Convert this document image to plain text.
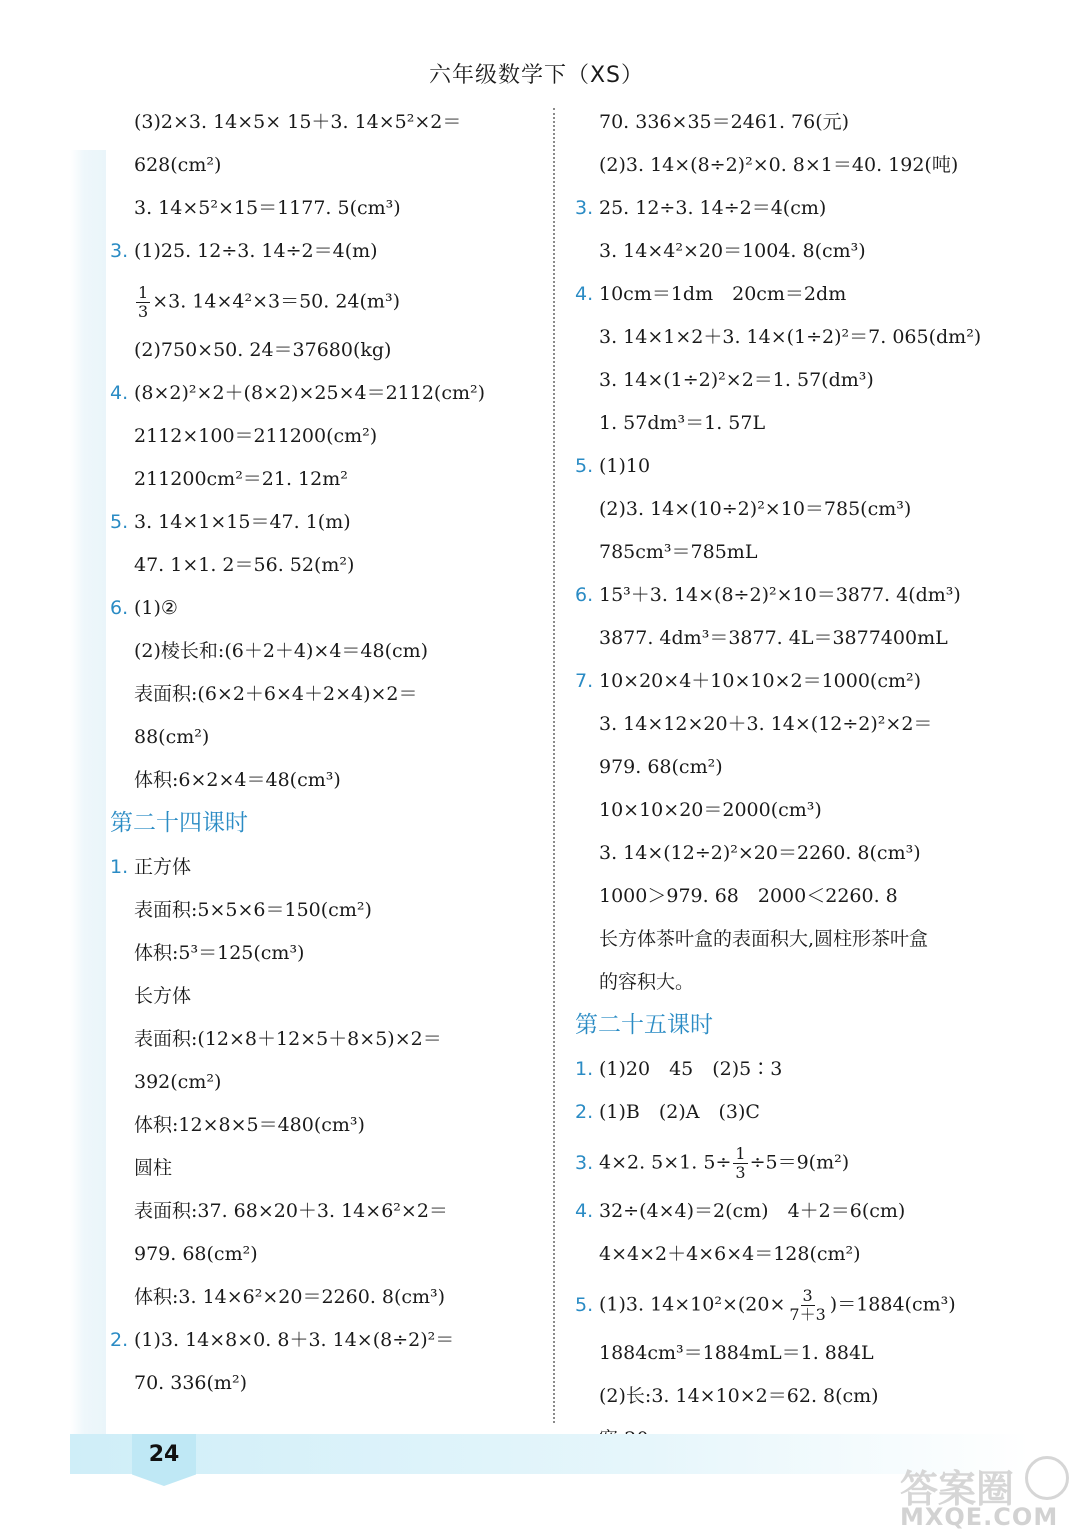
六年级数学下（XS）
(3)2×3. 14×5× 15＋3. 14×5²×2＝
628(cm²)
3. 14×5²×15＝1177. 5(cm³)
3. (1)25. 12÷3. 14÷2＝4(m)
$\frac{1}{3} \times 3$. 14×4²×3＝50. 24(m³)
(2)750×50. 24＝37680(kg)
4. (8×2)²×2＋(8×2)×25×4＝2112(cm²)
2112×100＝211200(cm²)
211200cm²＝21. 12m²
5. 3. 14×1×15＝47. 1(m)
47. 1×1. 2＝56. 52(m²)
6. (1)②
(2)棱长和:(6＋2＋4)×4＝48(cm)
表面积:(6×2＋6×4＋2×4)×2＝
88(cm²)
体积:6×2×4＝48(cm³)
第二十四课时
1. 正方体
表面积:5×5×6＝150(cm²)
体积:5³＝125(cm³)
长方体
表面积:(12×8＋12×5＋8×5)×2＝
392(cm²)
体积:12×8×5＝480(cm³)
圆柱
表面积:37. 68×20＋3. 14×6²×2＝
979. 68(cm²)
体积:3. 14×6²×20＝2260. 8(cm³)
2. (1)3. 14×8×0. 8＋3. 14×(8÷2)²＝
70. 336(m²)
70. 336×35＝2461. 76(元)
(2)3. 14×(8÷2)²×0. 8×1＝40. 192(吨)
3. 25. 12÷3. 14÷2＝4(cm)
3. 14×4²×20＝1004. 8(cm³)
4. 10cm＝1dm　20cm＝2dm
3. 14×1×2＋3. 14×(1÷2)²＝7. 065(dm²)
3. 14×(1÷2)²×2＝1. 57(dm³)
1. 57dm³＝1. 57L
5. (1)10
(2)3. 14×(10÷2)²×10＝785(cm³)
785cm³＝785mL
6. 15³＋3. 14×(8÷2)²×10＝3877. 4(dm³)
3877. 4dm³＝3877. 4L＝3877400mL
7. 10×20×4＋10×10×2＝1000(cm²)
3. 14×12×20＋3. 14×(12÷2)²×2＝
979. 68(cm²)
10×10×20＝2000(cm³)
3. 14×(12÷2)²×20＝2260. 8(cm³)
1000＞979. 68　2000＜2260. 8
长方体茶叶盒的表面积大,圆柱形茶叶盒
的容积大。
第二十五课时
1. (1)20　45　(2)5∶3
2. (1)B　(2)A　(3)C
3. 4×2. 5×1. $5\div \frac{1}{3} \div 5=9(m^2)$
4. 32÷(4×4)＝2(cm)　4＋2＝6(cm)
4×4×2＋4×6×4＝128(cm²)
5. (1)3. $14\times 10^2\times(20\times \frac{3}{7+3} )=1884(cm^3)$
1884cm³＝1884mL＝1. 884L
(2)长:3. 14×10×2＝62. 8(cm)
24
答案圈
MXQE.COM
